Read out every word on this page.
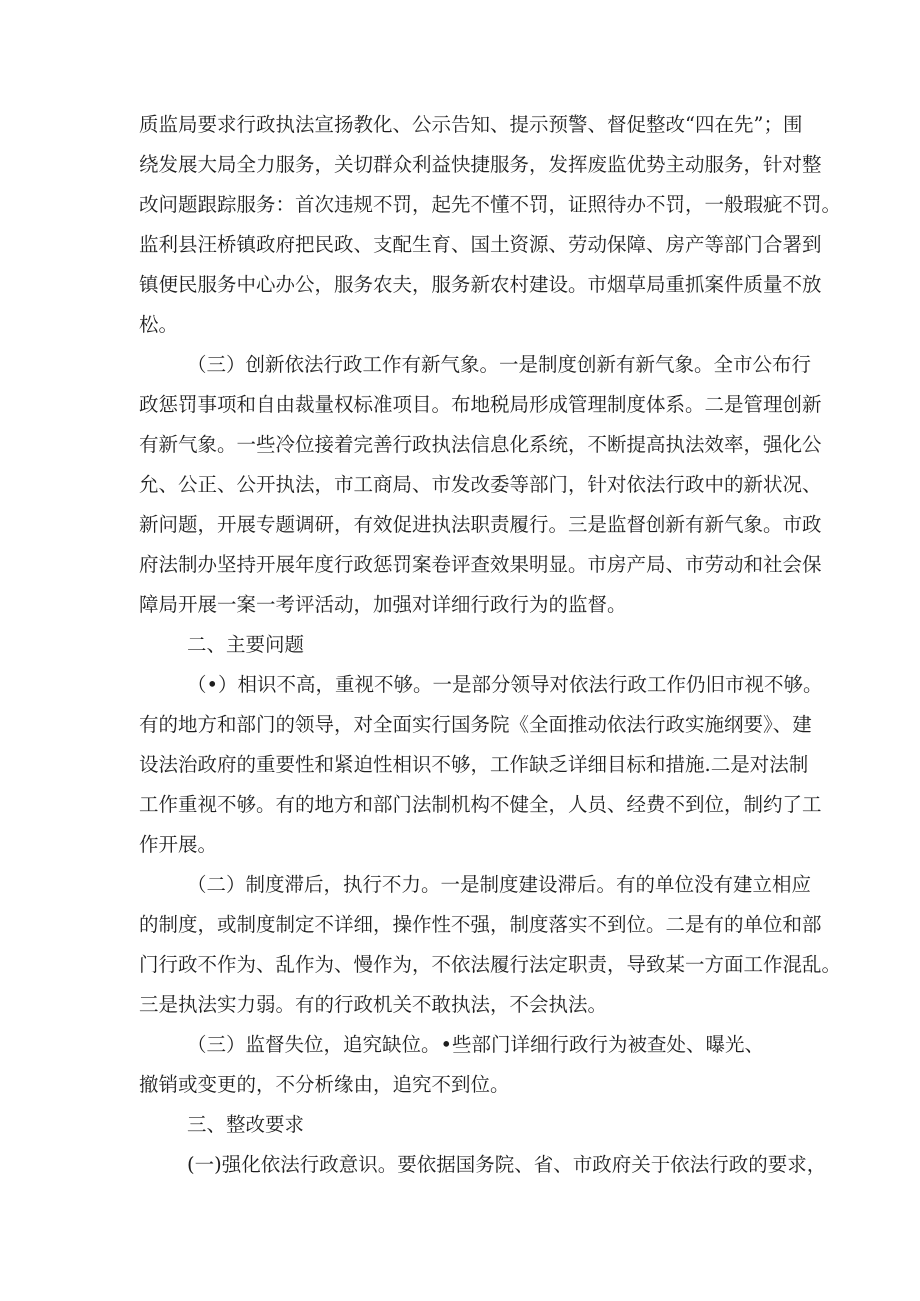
质监局要求行政执法宣扬教化、公示告知、提示预警、督促整改“四在先”；围
绕发展大局全力服务，关切群众利益快捷服务，发挥废监优势主动服务，针对整
改问题跟踪服务：首次违规不罚，起先不懂不罚，证照待办不罚，一般瑕疵不罚。
监利县汪桥镇政府把民政、支配生育、国土资源、劳动保障、房产等部门合署到
镇便民服务中心办公，服务农夫，服务新农村建设。市烟草局重抓案件质量不放
松。
（三）创新依法行政工作有新气象。一是制度创新有新气象。全市公布行
政惩罚事项和自由裁量权标准项目。布地税局形成管理制度体系。二是管理创新
有新气象。一些冷位接着完善行政执法信息化系统，不断提高执法效率，强化公
允、公正、公开执法，市工商局、市发改委等部门，针对依法行政中的新状况、
新问题，开展专题调研，有效促进执法职责履行。三是监督创新有新气象。市政
府法制办坚持开展年度行政惩罚案卷评查效果明显。市房产局、市劳动和社会保
障局开展一案一考评活动，加强对详细行政行为的监督。
二、主要问题
（•）相识不高，重视不够。一是部分领导对依法行政工作仍旧市视不够。
有的地方和部门的领导，对全面实行国务院《全面推动依法行政实施纲要》、建
设法治政府的重要性和紧迫性相识不够，工作缺乏详细目标和措施.二是对法制
工作重视不够。有的地方和部门法制机构不健全，人员、经费不到位，制约了工
作开展。
（二）制度滞后，执行不力。一是制度建设滞后。有的单位没有建立相应
的制度，或制度制定不详细，操作性不强，制度落实不到位。二是有的单位和部
门行政不作为、乱作为、慢作为，不依法履行法定职责，导致某一方面工作混乱。
三是执法实力弱。有的行政机关不敢执法，不会执法。
（三）监督失位，追究缺位。•些部门详细行政行为被查处、曝光、
撤销或变更的，不分析缘由，追究不到位。
三、整改要求
(一)强化依法行政意识。要依据国务院、省、市政府关于依法行政的要求，
